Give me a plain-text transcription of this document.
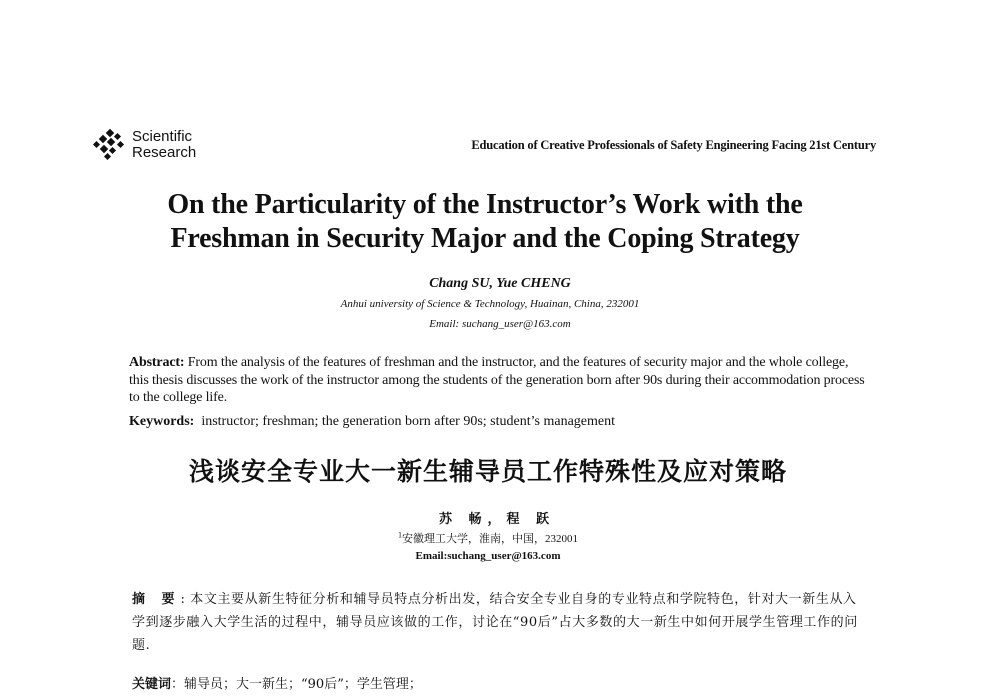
Scientific
Research	Education of Creative Professionals of Safety Engineering Facing 21st Century
On the Particularity of the Instructor’s Work with the
Freshman in Security Major and the Coping Strategy
Chang SU, Yue CHENG
Anhui university of Science & Technology, Huainan, China, 232001
Email: suchang_user@163.com
Abstract: From the analysis of the features of freshman and the instructor, and the features of security major and the whole college, this thesis discusses the work of the instructor among the students of the generation born after 90s during their accommodation process to the college life.
Keywords: instructor; freshman; the generation born after 90s; student’s management
浅谈安全专业大一新生辅导员工作特殊性及应对策略
苏 畅，程 跃
$^1$安徽理工大学，淮南，中国，232001
Email:suchang_user@163.com
摘 要: 本文主要从新生特征分析和辅导员特点分析出发，结合安全专业自身的专业特点和学院特色，针对大一新生从入学到逐步融入大学生活的过程中，辅导员应该做的工作，讨论在“90后”占大多数的大一新生中如何开展学生管理工作的问题.
关键词：辅导员；大一新生；“90后”；学生管理；
